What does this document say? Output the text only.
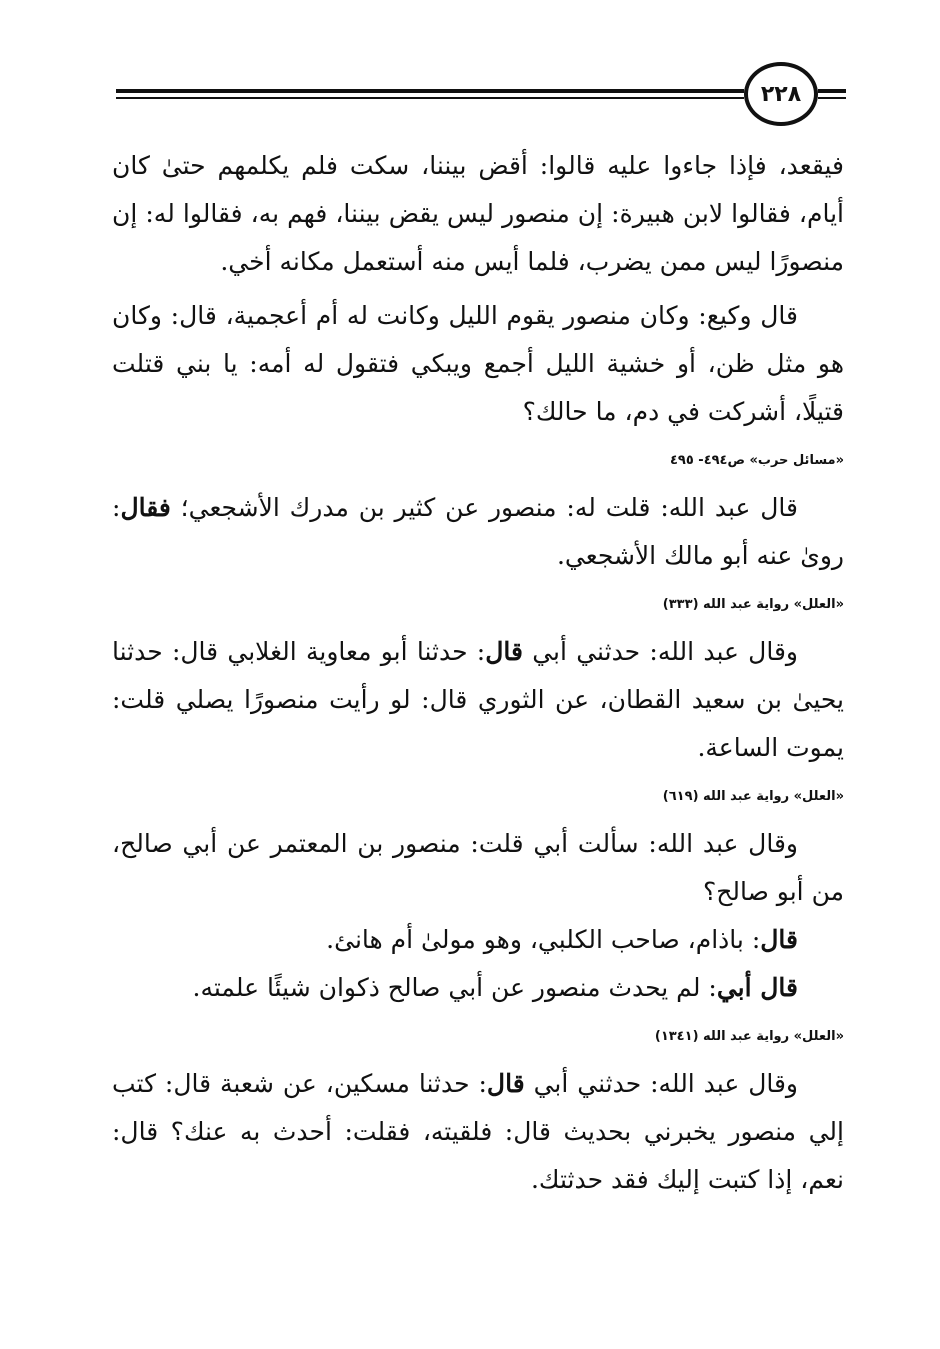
٢٢٨

فيقعد، فإذا جاءوا عليه قالوا: أقض بيننا، سكت فلم يكلمهم حتىٰ كان أيام، فقالوا لابن هبيرة: إن منصور ليس يقض بيننا، فهم به، فقالوا له: إن منصورًا ليس ممن يضرب، فلما أيس منه أستعمل مكانه أخي.

قال وكيع: وكان منصور يقوم الليل وكانت له أم أعجمية، قال: وكان هو مثل ظن، أو خشية الليل أجمع ويبكي فتقول له أمه: يا بني قتلت قتيلًا، أشركت في دم، ما حالك؟

«مسائل حرب» ص٤٩٤- ٤٩٥

قال عبد الله: قلت له: منصور عن كثير بن مدرك الأشجعي؛ فقال: رو‌ىٰ عنه أبو مالك الأشجعي.

«العلل» رواية عبد الله (٣٣٣)

وقال عبد الله: حدثني أبي قال: حدثنا أبو معاوية الغلابي قال: حدثنا يحيىٰ بن سعيد القطان، عن الثوري قال: لو رأيت منصورًا يصلي قلت: يموت الساعة.

«العلل» رواية عبد الله (٦١٩)

وقال عبد الله: سألت أبي قلت: منصور بن المعتمر عن أبي صالح، من أبو صالح؟

قال: باذام، صاحب الكلبي، وهو مولىٰ أم هانئ.

قال أبي: لم يحدث منصور عن أبي صالح ذكوان شيئًا علمته.

«العلل» رواية عبد الله (١٣٤١)

وقال عبد الله: حدثني أبي قال: حدثنا مسكين، عن شعبة قال: كتب إلي منصور يخبرني بحديث قال: فلقيته، فقلت: أحدث به عنك؟ قال: نعم، إذا كتبت إليك فقد حدثتك.
